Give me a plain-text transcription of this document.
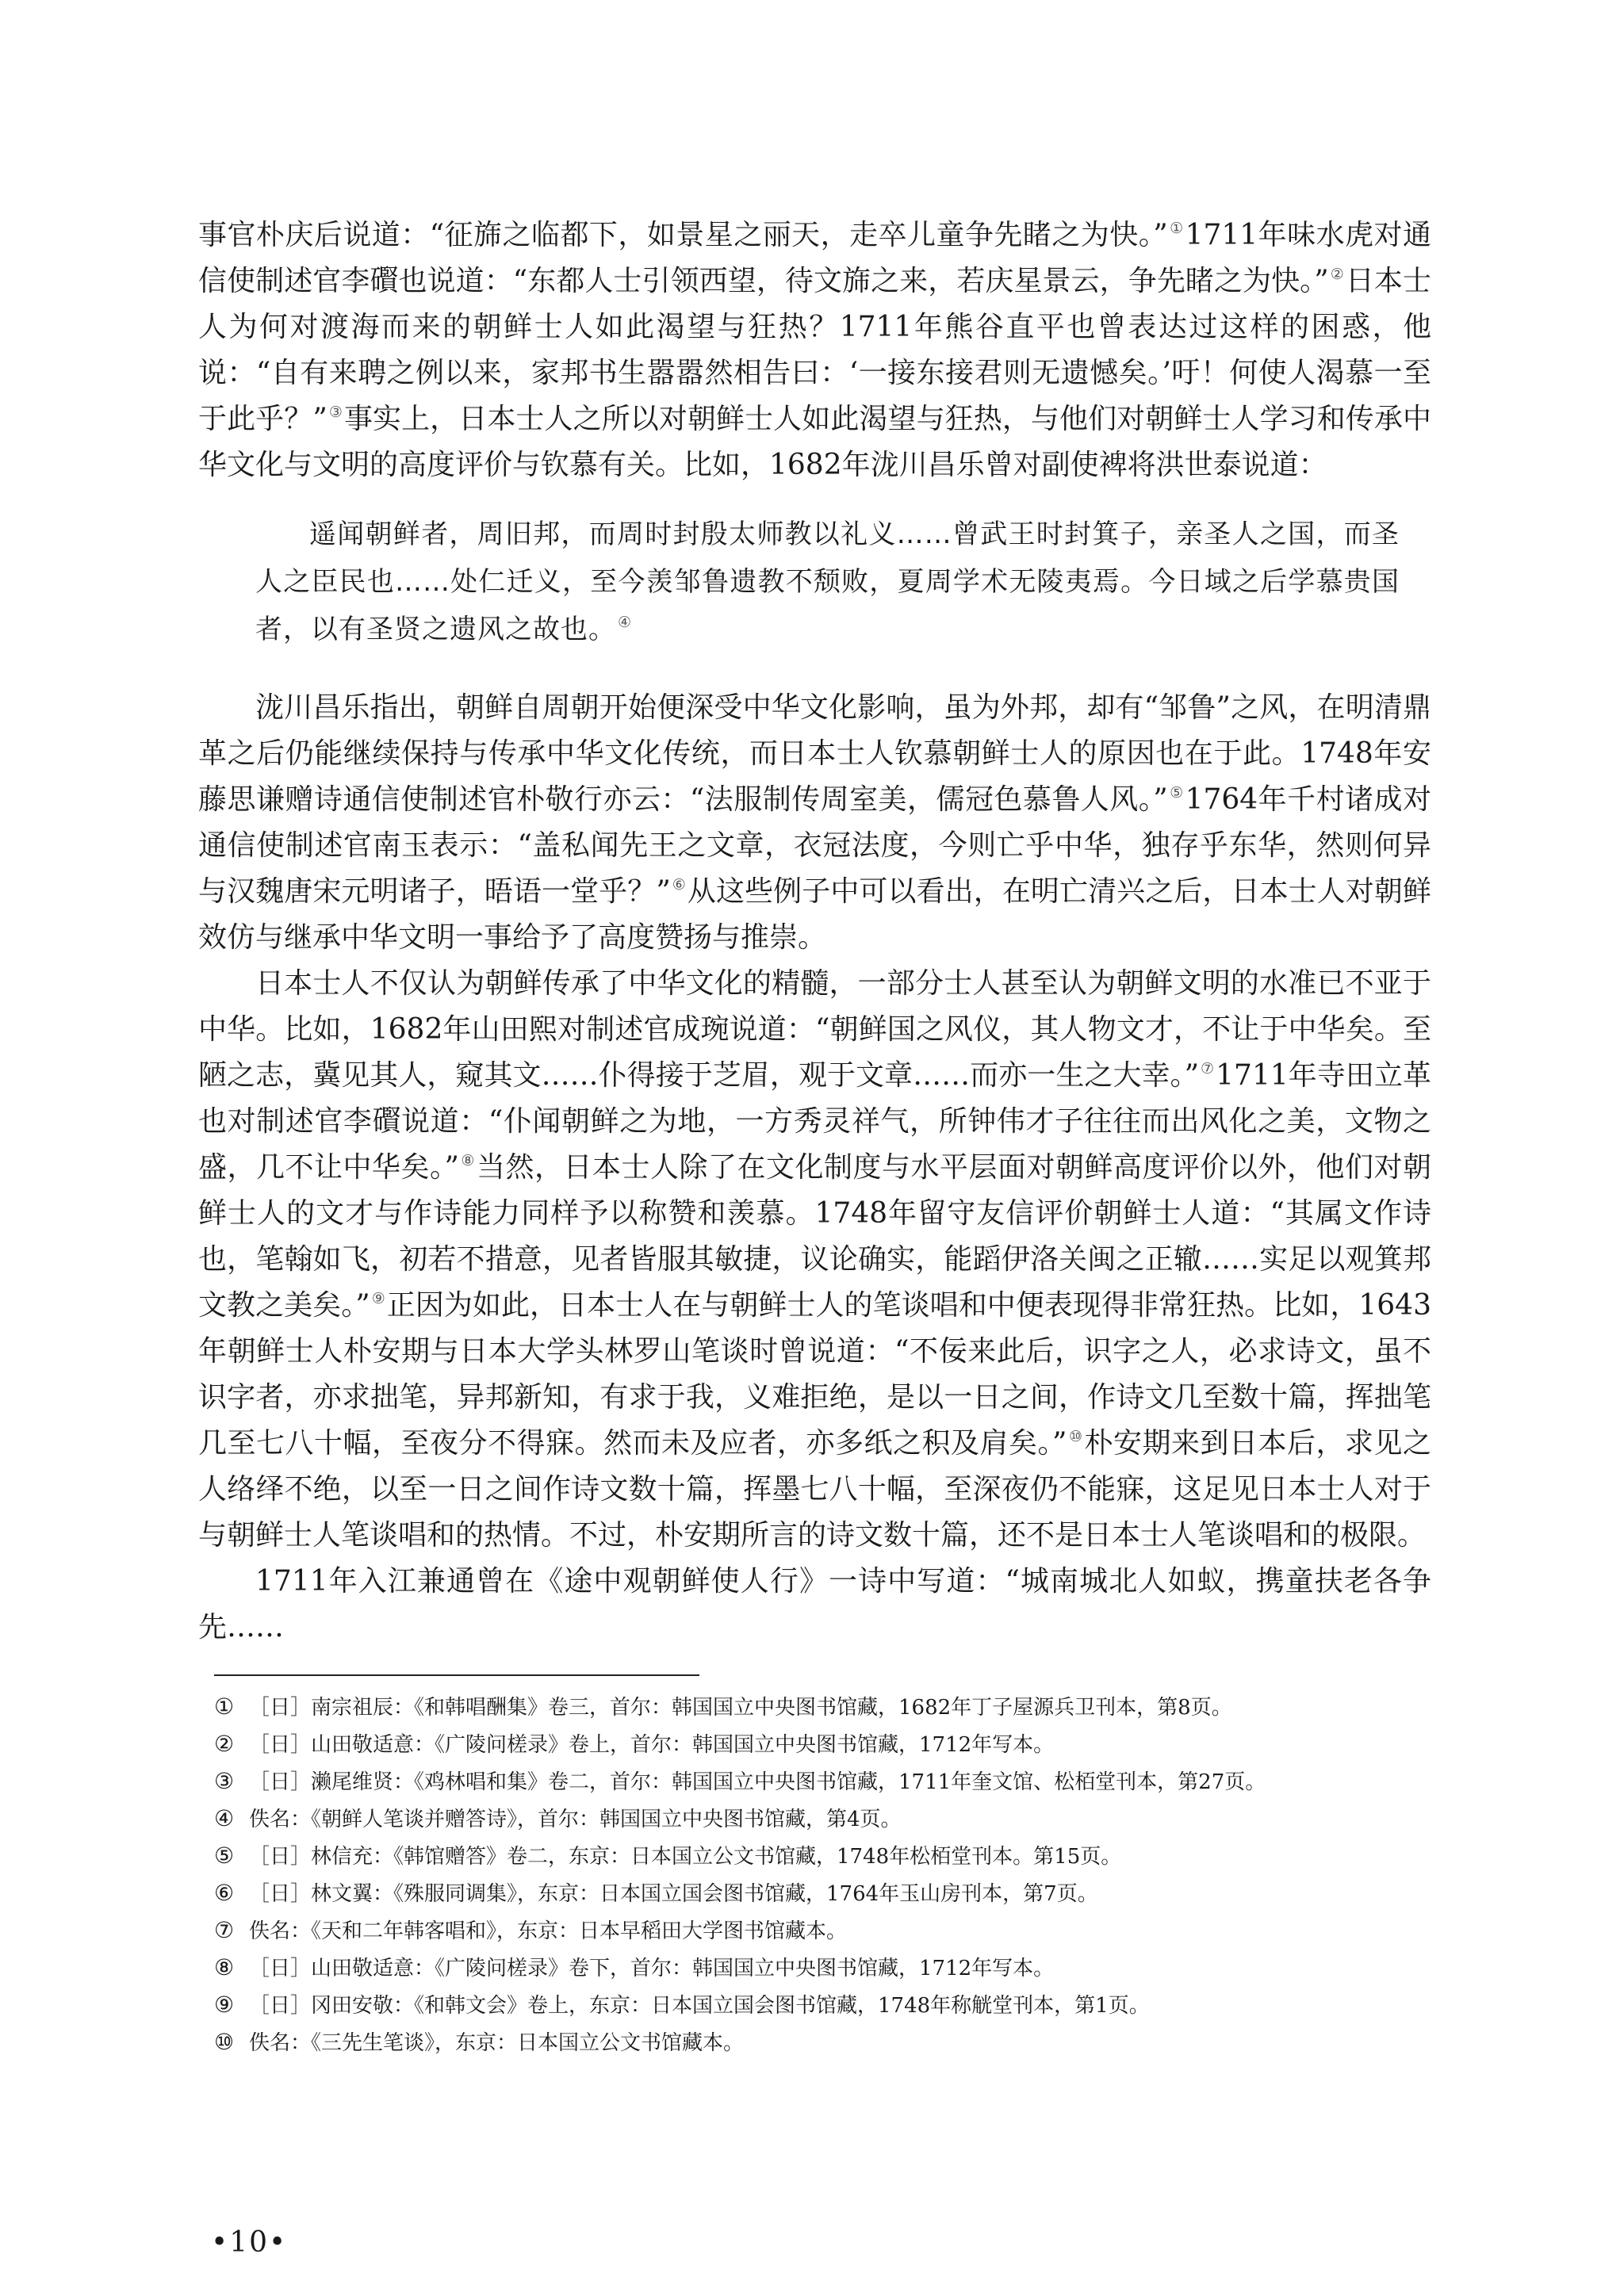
事官朴庆后说道：“征旆之临都下，如景星之丽天，走卒儿童争先睹之为快。” ①1711年味水虎对通信使制述官李礥也说道：“东都人士引领西望，待文旆之来，若庆星景云，争先睹之为快。” ②日本士人为何对渡海而来的朝鲜士人如此渴望与狂热？1711年熊谷直平也曾表达过这样的困惑，他说：“自有来聘之例以来，家邦书生嚣嚣然相告曰：‘一接东接君则无遗憾矣。’吁！何使人渴慕一至于此乎？” ③事实上，日本士人之所以对朝鲜士人如此渴望与狂热，与他们对朝鲜士人学习和传承中华文化与文明的高度评价与钦慕有关。比如，1682年泷川昌乐曾对副使裨将洪世泰说道：

遥闻朝鲜者，周旧邦，而周时封殷太师教以礼义……曾武王时封箕子，亲圣人之国，而圣人之臣民也……处仁迁义，至今羡邹鲁遗教不颓败，夏周学术无陵夷焉。今日域之后学慕贵国者，以有圣贤之遗风之故也。 ④

泷川昌乐指出，朝鲜自周朝开始便深受中华文化影响，虽为外邦，却有“邹鲁”之风，在明清鼎革之后仍能继续保持与传承中华文化传统，而日本士人钦慕朝鲜士人的原因也在于此。1748年安藤思谦赠诗通信使制述官朴敬行亦云：“法服制传周室美，儒冠色慕鲁人风。” ⑤1764年千村诸成对通信使制述官南玉表示：“盖私闻先王之文章，衣冠法度，今则亡乎中华，独存乎东华，然则何异与汉魏唐宋元明诸子，晤语一堂乎？” ⑥从这些例子中可以看出，在明亡清兴之后，日本士人对朝鲜效仿与继承中华文明一事给予了高度赞扬与推崇。

日本士人不仅认为朝鲜传承了中华文化的精髓，一部分士人甚至认为朝鲜文明的水准已不亚于中华。比如，1682年山田熙对制述官成琬说道：“朝鲜国之风仪，其人物文才，不让于中华矣。至陋之志，冀见其人，窥其文……仆得接于芝眉，观于文章……而亦一生之大幸。” ⑦1711年寺田立革也对制述官李礥说道：“仆闻朝鲜之为地，一方秀灵祥气，所钟伟才子往往而出风化之美，文物之盛，几不让中华矣。” ⑧当然，日本士人除了在文化制度与水平层面对朝鲜高度评价以外，他们对朝鲜士人的文才与作诗能力同样予以称赞和羡慕。1748年留守友信评价朝鲜士人道：“其属文作诗也，笔翰如飞，初若不措意，见者皆服其敏捷，议论确实，能蹈伊洛关闽之正辙……实足以观箕邦文教之美矣。” ⑨正因为如此，日本士人在与朝鲜士人的笔谈唱和中便表现得非常狂热。比如，1643年朝鲜士人朴安期与日本大学头林罗山笔谈时曾说道：“不佞来此后，识字之人，必求诗文，虽不识字者，亦求拙笔，异邦新知，有求于我，义难拒绝，是以一日之间，作诗文几至数十篇，挥拙笔几至七八十幅，至夜分不得寐。然而未及应者，亦多纸之积及肩矣。” ⑩朴安期来到日本后，求见之人络绎不绝，以至一日之间作诗文数十篇，挥墨七八十幅，至深夜仍不能寐，这足见日本士人对于与朝鲜士人笔谈唱和的热情。不过，朴安期所言的诗文数十篇，还不是日本士人笔谈唱和的极限。

1711年入江兼通曾在《途中观朝鲜使人行》一诗中写道：“城南城北人如蚁，携童扶老各争先……

① ［日］南宗祖辰：《和韩唱酬集》卷三，首尔：韩国国立中央图书馆藏，1682年丁子屋源兵卫刊本，第8页。
② ［日］山田敬适意：《广陵问槎录》卷上，首尔：韩国国立中央图书馆藏，1712年写本。
③ ［日］濑尾维贤：《鸡林唱和集》卷二，首尔：韩国国立中央图书馆藏，1711年奎文馆、松栢堂刊本，第27页。
④ 佚名：《朝鲜人笔谈并赠答诗》，首尔：韩国国立中央图书馆藏，第4页。
⑤ ［日］林信充：《韩馆赠答》卷二，东京：日本国立公文书馆藏，1748年松栢堂刊本。第15页。
⑥ ［日］林文翼：《殊服同调集》，东京：日本国立国会图书馆藏，1764年玉山房刊本，第7页。
⑦ 佚名：《天和二年韩客唱和》，东京：日本早稻田大学图书馆藏本。
⑧ ［日］山田敬适意：《广陵问槎录》卷下，首尔：韩国国立中央图书馆藏，1712年写本。
⑨ ［日］冈田安敬：《和韩文会》卷上，东京：日本国立国会图书馆藏，1748年称觥堂刊本，第1页。
⑩ 佚名：《三先生笔谈》，东京：日本国立公文书馆藏本。
•10•
